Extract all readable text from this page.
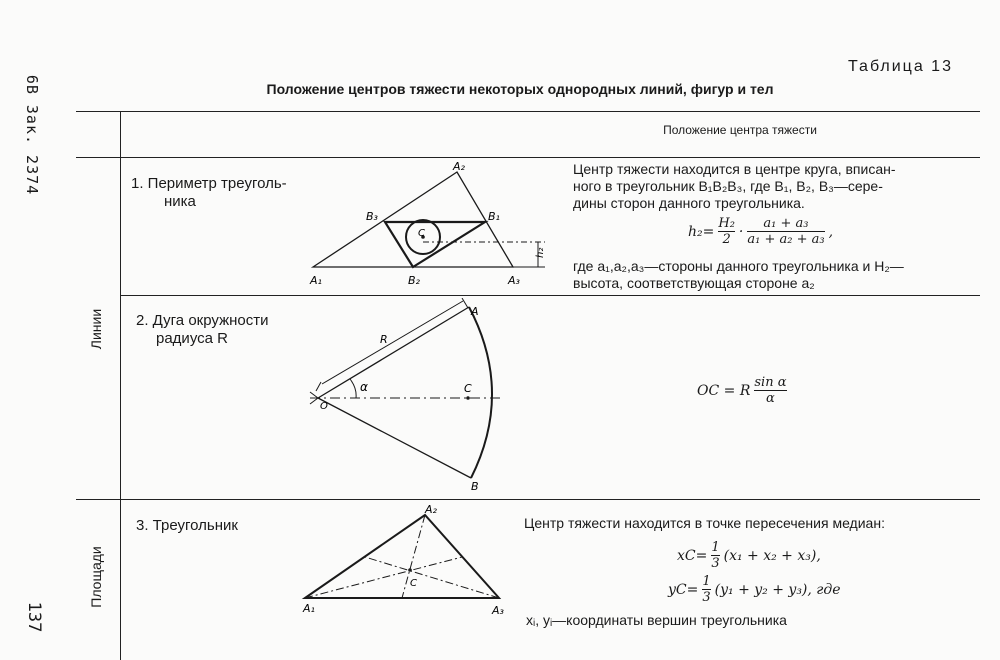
6В Зак. 2374
137
Таблица 13
Положение центров тяжести некоторых однородных линий, фигур и тел
Положение центра тяжести
Линии
Площади
1. Периметр треуголь-
ника
A₁
A₂
A₃
B₁
B₂
B₃
C
h₂
Центр тяжести находится в центре круга, вписан-
ного в треугольник B₁B₂B₃, где B₁, B₂, B₃—сере-
дины сторон данного треугольника.
$h_2= \frac{\text{H₂}}{2} \cdot a_1 + a_3$
a₁ + a₂ + a₃ ,
где a₁,a₂,a₃—стороны данного треугольника и H₂—
высота, соответствующая стороне a₂
2. Дуга окружности
радиуса R
A
B
C
O
R
α	OC = R sin α
α
3. Треугольник
A₁
A₂
A₃
C
Центр тяжести находится в точке пересечения медиан:
$xC= \frac{1}{3} (x_1 + x_2 + x_3)$,
$yC= \frac{1}{3} (y_1 + y_2 + y_3)$, где
xᵢ, yᵢ—координаты вершин треугольника
